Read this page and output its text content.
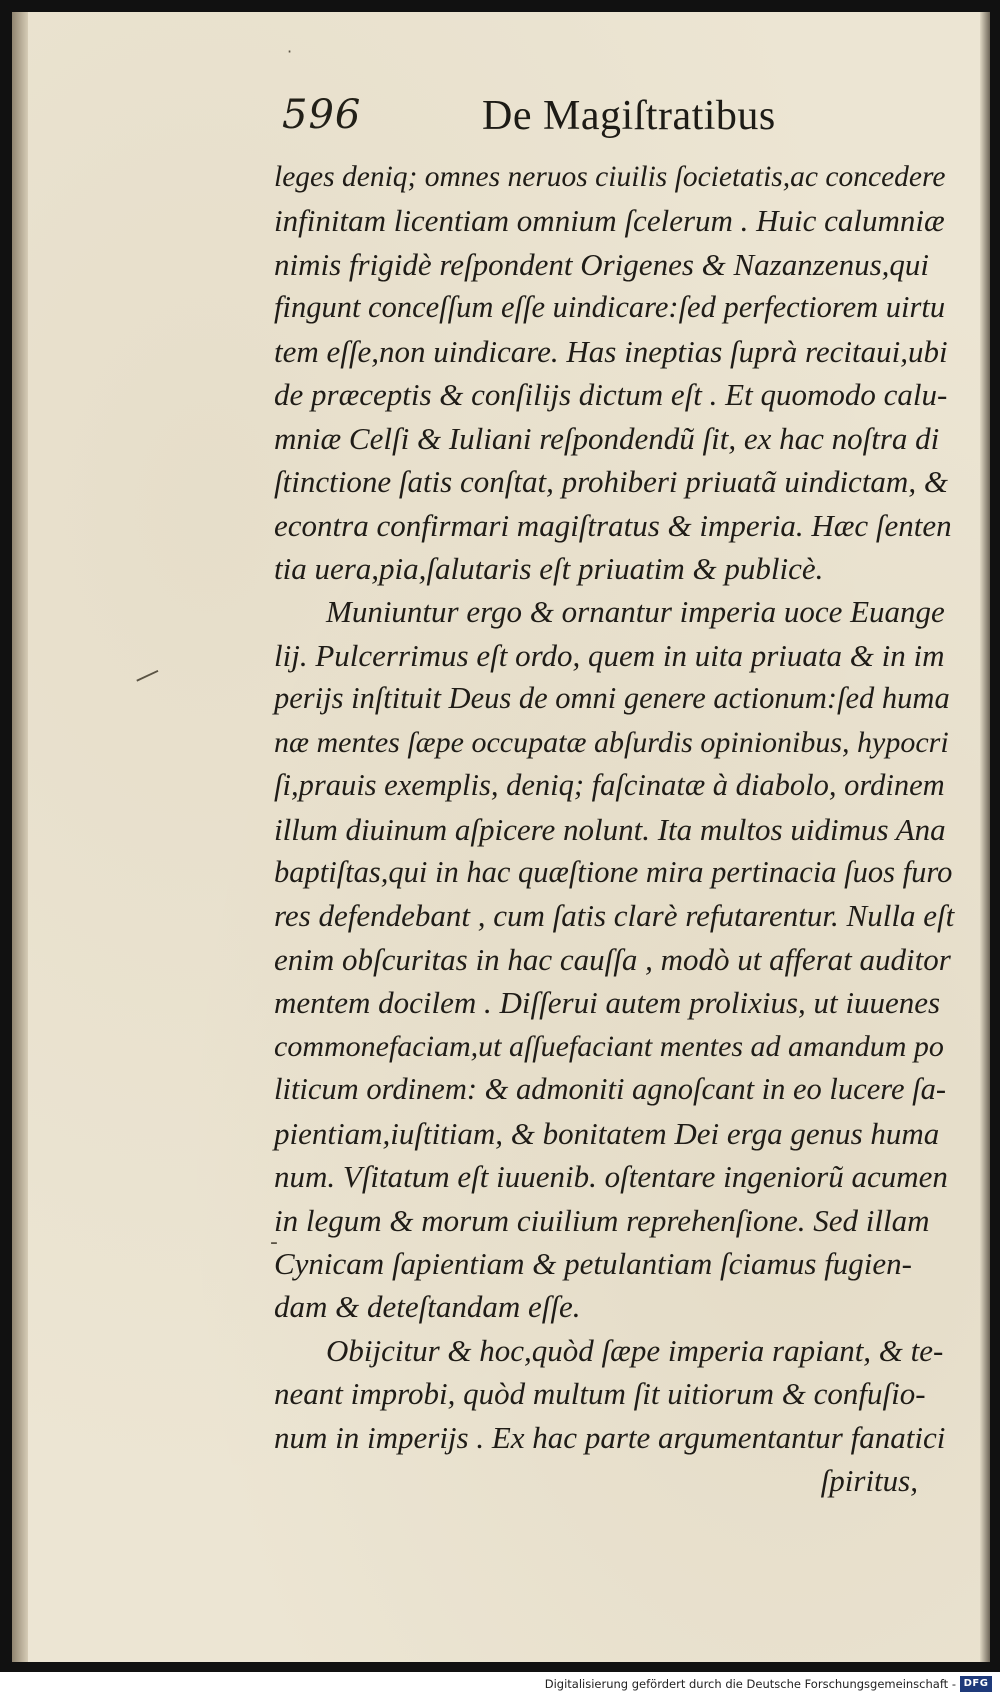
—
-
·
596	De Magiſtratibus
leges deniq; omnes neruos ciuilis ſocietatis,ac concedere
infinitam licentiam omnium ſcelerum . Huic calumniæ
nimis frigidè reſpondent Origenes & Nazanzenus,qui
fingunt conceſſum eſſe uindicare:ſed perfectiorem uirtu
tem eſſe,non uindicare. Has ineptias ſuprà recitaui,ubi
de præceptis & conſilijs dictum eſt . Et quomodo calu-
mniæ Celſi & Iuliani reſpondendũ ſit, ex hac noſtra di
ſtinctione ſatis conſtat, prohiberi priuatã uindictam, &
econtra confirmari magiſtratus & imperia. Hæc ſenten
tia uera,pia,ſalutaris eſt priuatim & publicè.
Muniuntur ergo & ornantur imperia uoce Euange
lij. Pulcerrimus eſt ordo, quem in uita priuata & in im
perijs inſtituit Deus de omni genere actionum:ſed huma
næ mentes ſæpe occupatæ abſurdis opinionibus, hypocri
ſi,prauis exemplis, deniq; faſcinatæ à diabolo, ordinem
illum diuinum aſpicere nolunt. Ita multos uidimus Ana
baptiſtas,qui in hac quæſtione mira pertinacia ſuos furo
res defendebant , cum ſatis clarè refutarentur. Nulla eſt
enim obſcuritas in hac cauſſa , modò ut afferat auditor
mentem docilem . Diſſerui autem prolixius, ut iuuenes
commonefaciam,ut aſſuefaciant mentes ad amandum po
liticum ordinem: & admoniti agnoſcant in eo lucere ſa-
pientiam,iuſtitiam, & bonitatem Dei erga genus huma
num. Vſitatum eſt iuuenib. oſtentare ingeniorũ acumen
in legum & morum ciuilium reprehenſione. Sed illam
Cynicam ſapientiam & petulantiam ſciamus fugien-
dam & deteſtandam eſſe.
Obijcitur & hoc,quòd ſæpe imperia rapiant, & te-
neant improbi, quòd multum ſit uitiorum & confuſio-
num in imperijs . Ex hac parte argumentantur fanatici
ſpiritus,
Digitalisierung gefördert durch die Deutsche Forschungsgemeinschaft - DFG
